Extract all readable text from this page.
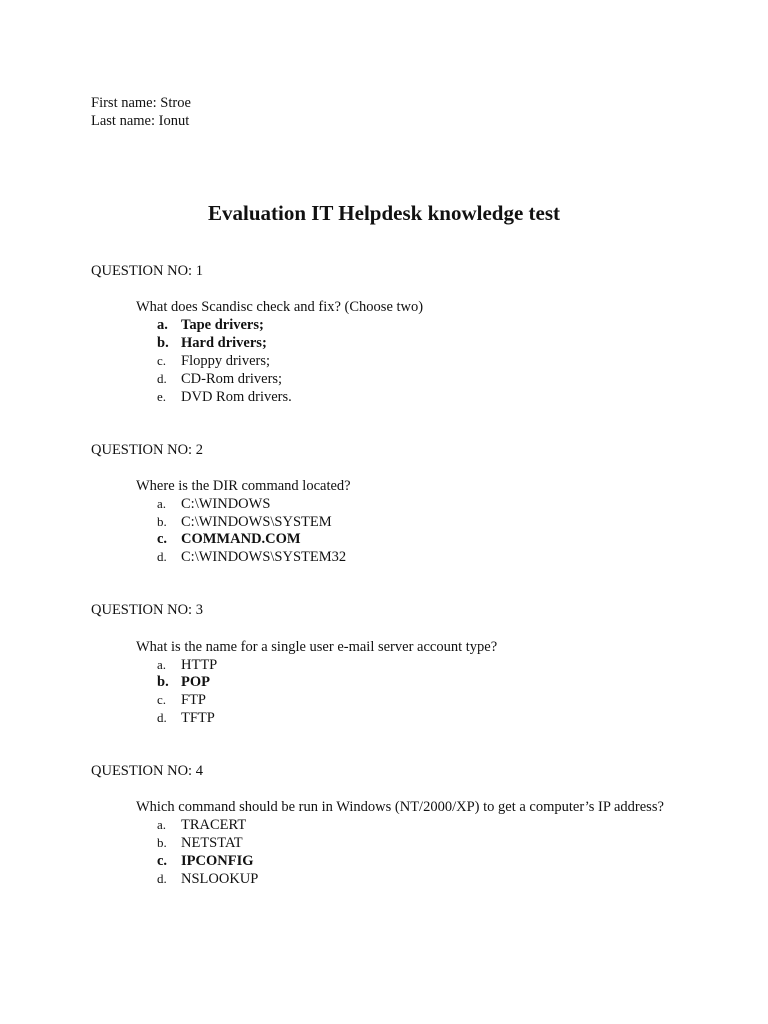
First name: Stroe
Last name: Ionut
Evaluation IT Helpdesk knowledge test
QUESTION NO: 1
What does Scandisc check and fix? (Choose two)
a. Tape drivers;
b. Hard drivers;
c. Floppy drivers;
d. CD-Rom drivers;
e. DVD Rom drivers.
QUESTION NO: 2
Where is the DIR command located?
a. C:\WINDOWS
b. C:\WINDOWS\SYSTEM
c. COMMAND.COM
d. C:\WINDOWS\SYSTEM32
QUESTION NO: 3
What is the name for a single user e-mail server account type?
a. HTTP
b. POP
c. FTP
d. TFTP
QUESTION NO: 4
Which command should be run in Windows (NT/2000/XP) to get a computer’s IP address?
a. TRACERT
b. NETSTAT
c. IPCONFIG
d. NSLOOKUP
